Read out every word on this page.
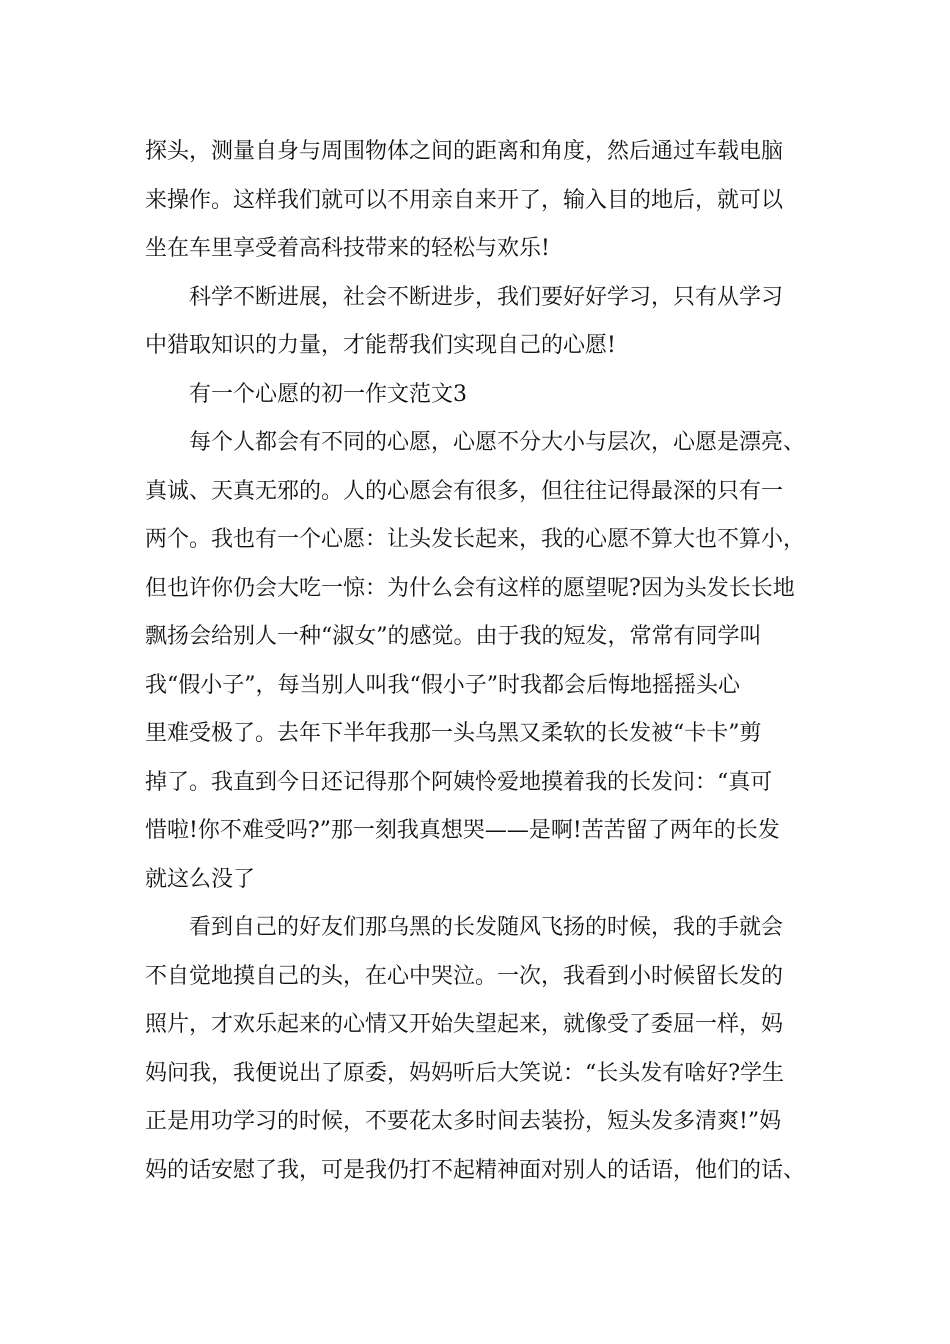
探头，测量自身与周围物体之间的距离和角度，然后通过车载电脑
来操作。这样我们就可以不用亲自来开了，输入目的地后，就可以
坐在车里享受着高科技带来的轻松与欢乐!
科学不断进展，社会不断进步，我们要好好学习，只有从学习
中猎取知识的力量，才能帮我们实现自己的心愿!
有一个心愿的初一作文范文3
每个人都会有不同的心愿，心愿不分大小与层次，心愿是漂亮、
真诚、天真无邪的。人的心愿会有很多，但往往记得最深的只有一
两个。我也有一个心愿：让头发长起来，我的心愿不算大也不算小，
但也许你仍会大吃一惊：为什么会有这样的愿望呢?因为头发长长地
飘扬会给别人一种“淑女”的感觉。由于我的短发，常常有同学叫
我“假小子”，每当别人叫我“假小子”时我都会后悔地摇摇头心
里难受极了。去年下半年我那一头乌黑又柔软的长发被“卡卡”剪
掉了。我直到今日还记得那个阿姨怜爱地摸着我的长发问：“真可
惜啦!你不难受吗?”那一刻我真想哭——是啊!苦苦留了两年的长发
就这么没了
看到自己的好友们那乌黑的长发随风飞扬的时候，我的手就会
不自觉地摸自己的头，在心中哭泣。一次，我看到小时候留长发的
照片，才欢乐起来的心情又开始失望起来，就像受了委屈一样，妈
妈问我，我便说出了原委，妈妈听后大笑说：“长头发有啥好?学生
正是用功学习的时候，不要花太多时间去装扮，短头发多清爽!”妈
妈的话安慰了我，可是我仍打不起精神面对别人的话语，他们的话、
